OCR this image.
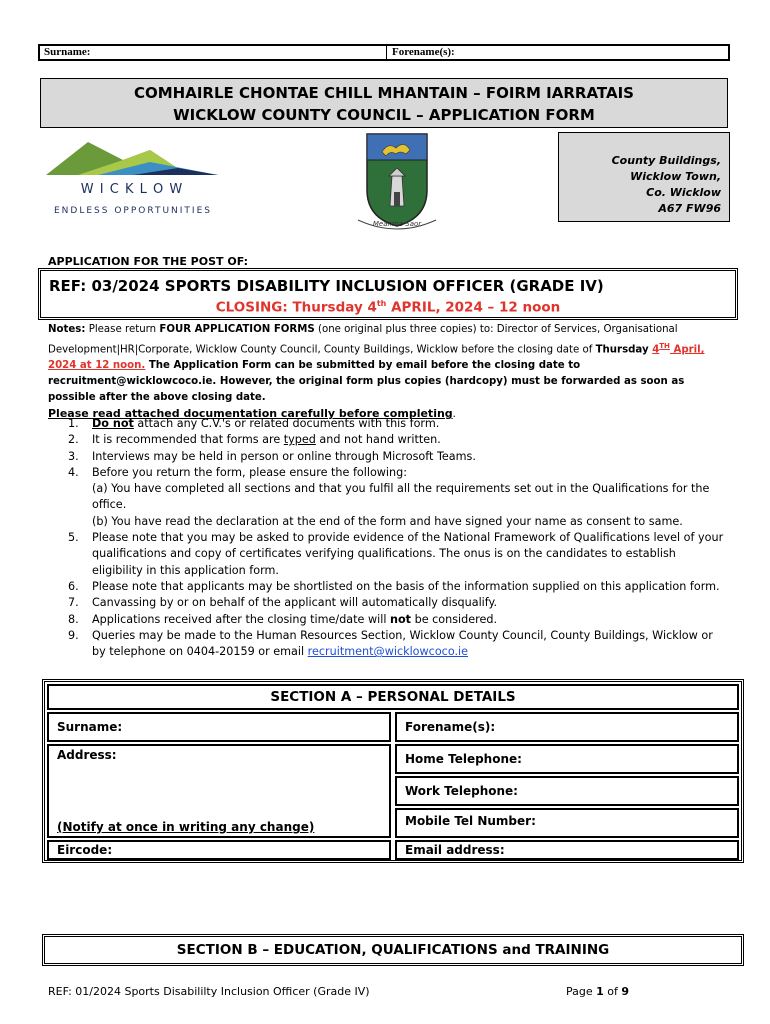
Surname:	Forename(s):
COMHAIRLE CHONTAE CHILL MHANTAIN – FOIRM IARRATAIS
WICKLOW COUNTY COUNCIL – APPLICATION FORM
W I C K L O W
ENDLESS OPPORTUNITIES
Meanma Saor
County Buildings,
Wicklow Town,
Co. Wicklow
A67 FW96
APPLICATION FOR THE POST OF:
REF: 03/2024 SPORTS DISABILITY INCLUSION OFFICER (GRADE IV)
CLOSING: Thursday 4th APRIL, 2024 – 12 noon
Notes: Please return FOUR APPLICATION FORMS (one original plus three copies) to: Director of Services, Organisational Development|HR|Corporate, Wicklow County Council, County Buildings, Wicklow before the closing date of Thursday 4TH April, 2024 at 12 noon. The Application Form can be submitted by email before the closing date to recruitment@wicklowcoco.ie. However, the original form plus copies (hardcopy) must be forwarded as soon as possible after the above closing date.
Please read attached documentation carefully before completing.
1. Do not attach any C.V.'s or related documents with this form.
2. It is recommended that forms are typed and not hand written.
3. Interviews may be held in person or online through Microsoft Teams.
4. Before you return the form, please ensure the following:
(a) You have completed all sections and that you fulfil all the requirements set out in the Qualifications for the office.
(b) You have read the declaration at the end of the form and have signed your name as consent to same.
5. Please note that you may be asked to provide evidence of the National Framework of Qualifications level of your qualifications and copy of certificates verifying qualifications. The onus is on the candidates to establish eligibility in this application form.
6. Please note that applicants may be shortlisted on the basis of the information supplied on this application form.
7. Canvassing by or on behalf of the applicant will automatically disqualify.
8. Applications received after the closing time/date will not be considered.
9. Queries may be made to the Human Resources Section, Wicklow County Council, County Buildings, Wicklow or by telephone on 0404-20159 or email recruitment@wicklowcoco.ie
SECTION A – PERSONAL DETAILS
Surname:	Forename(s):
Address:
(Notify at once in writing any change)
Home Telephone:
Work Telephone:
Mobile Tel Number:
Eircode:	Email address:
SECTION B – EDUCATION, QUALIFICATIONS and TRAINING
REF: 01/2024 Sports Disabililty Inclusion Officer (Grade IV)	Page 1 of 9
